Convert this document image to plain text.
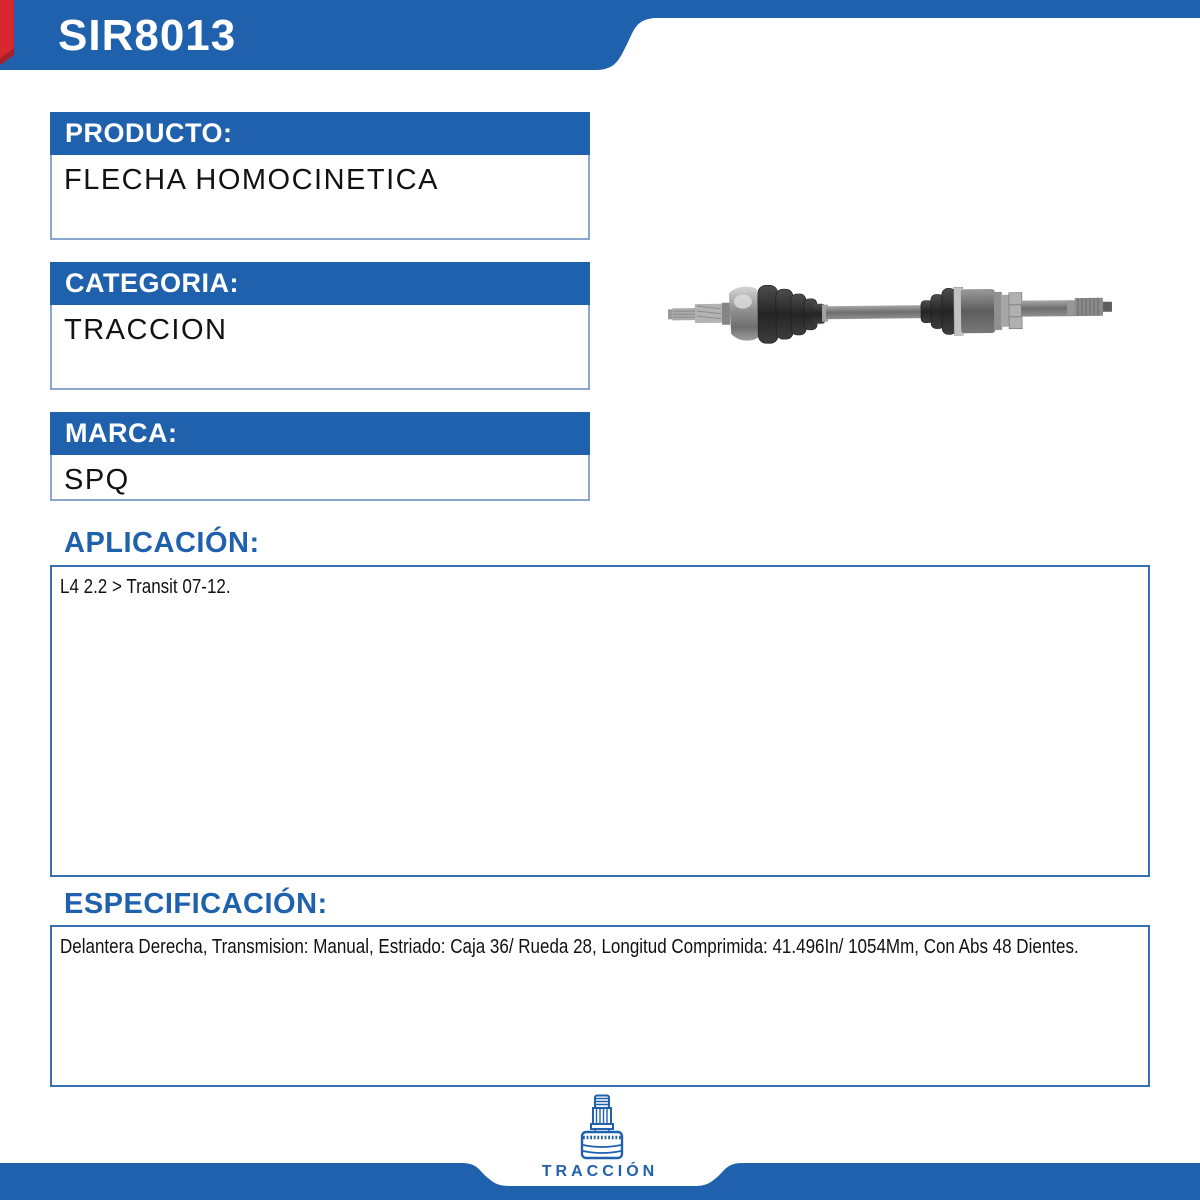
SIR8013
PRODUCTO:
FLECHA HOMOCINETICA
CATEGORIA:
TRACCION
MARCA:
SPQ
APLICACIÓN:
L4 2.2 > Transit 07-12.
ESPECIFICACIÓN:
Delantera Derecha, Transmision: Manual, Estriado: Caja 36/ Rueda 28, Longitud Comprimida: 41.496In/ 1054Mm, Con Abs 48 Dientes.
TRACCIÓN
